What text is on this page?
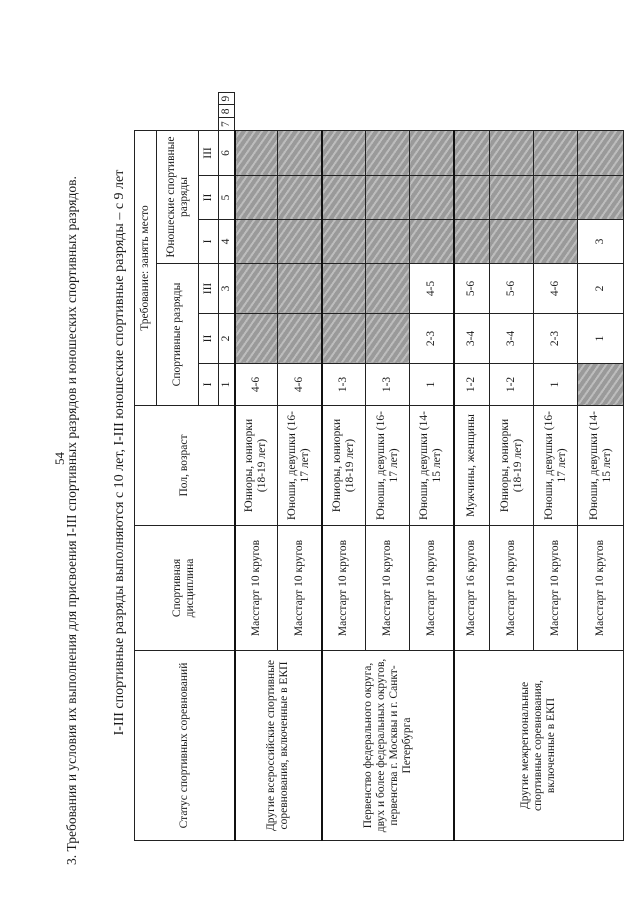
54
3. Требования и условия их выполнения для присвоения I-III спортивных разрядов и юношеских спортивных разрядов. I-III спортивные разряды выполняются с 10 лет, I-III юношеские спортивные разряды – с 9 лет
Статус спортивных соревнований	Спортивная дисциплина	Пол, возраст	Требование: занять место								
			Спортивные разряды			Юношеские спортивные разряды					
			I	II	III	I	II	III			
			1	2	3	4	5	6	7	8	9
Другие всероссийские спортивные соревнования, включенные в ЕКП	Масстарт 10 кругов	Юниоры, юниорки (18-19 лет)	4-6								
	Масстарт 10 кругов	Юноши, девушки (16-17 лет)	4-6								
Первенство федерального округа, двух и более федеральных округов, первенства г. Москвы и г. Санкт-Петербурга	Масстарт 10 кругов	Юниоры, юниорки (18-19 лет)	1-3								
	Масстарт 10 кругов	Юноши, девушки (16-17 лет)	1-3								
	Масстарт 10 кругов	Юноши, девушки (14-15 лет)	1	2-3	4-5						
Другие межрегиональные спортивные соревнования, включенные в ЕКП	Масстарт 16 кругов	Мужчины, женщины	1-2	3-4	5-6						
	Масстарт 10 кругов	Юниоры, юниорки (18-19 лет)	1-2	3-4	5-6						
	Масстарт 10 кругов	Юноши, девушки (16-17 лет)	1	2-3	4-6						
	Масстарт 10 кругов	Юноши, девушки (14-15 лет)		1	2	3					
